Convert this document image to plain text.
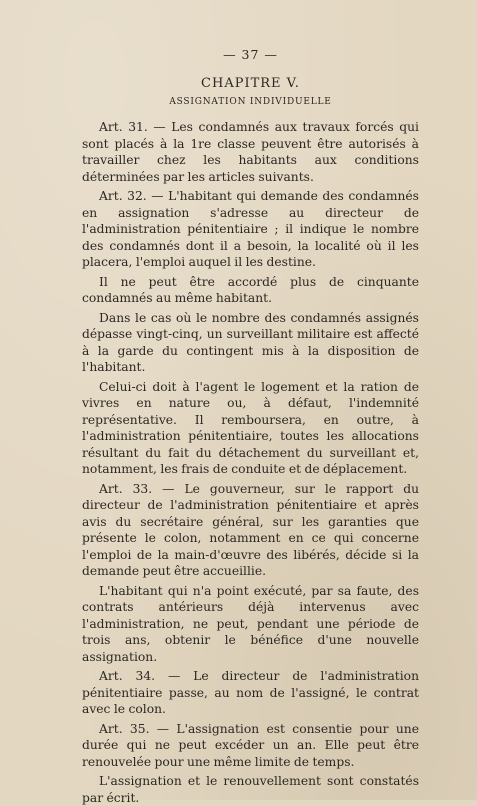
— 37 —
CHAPITRE V.
ASSIGNATION INDIVIDUELLE

Art. 31. — Les condamnés aux travaux forcés qui sont placés à la 1re classe peuvent être autorisés à travailler chez les habitants aux conditions déterminées par les articles suivants.

Art. 32. — L'habitant qui demande des condamnés en assignation s'adresse au directeur de l'administration pénitentiaire ; il indique le nombre des condamnés dont il a besoin, la localité où il les placera, l'emploi auquel il les destine.

Il ne peut être accordé plus de cinquante condamnés au même habitant.

Dans le cas où le nombre des condamnés assignés dépasse vingt-cinq, un surveillant militaire est affecté à la garde du contingent mis à la disposition de l'habitant.

Celui-ci doit à l'agent le logement et la ration de vivres en nature ou, à défaut, l'indemnité représentative. Il remboursera, en outre, à l'administration pénitentiaire, toutes les allocations résultant du fait du détachement du surveillant et, notamment, les frais de conduite et de déplacement.

Art. 33. — Le gouverneur, sur le rapport du directeur de l'administration pénitentiaire et après avis du secrétaire général, sur les garanties que présente le colon, notamment en ce qui concerne l'emploi de la main-d'œuvre des libérés, décide si la demande peut être accueillie.

L'habitant qui n'a point exécuté, par sa faute, des contrats antérieurs déjà intervenus avec l'administration, ne peut, pendant une période de trois ans, obtenir le bénéfice d'une nouvelle assignation.

Art. 34. — Le directeur de l'administration pénitentiaire passe, au nom de l'assigné, le contrat avec le colon.

Art. 35. — L'assignation est consentie pour une durée qui ne peut excéder un an. Elle peut être renouvelée pour une même limite de temps.

L'assignation et le renouvellement sont constatés par écrit.
